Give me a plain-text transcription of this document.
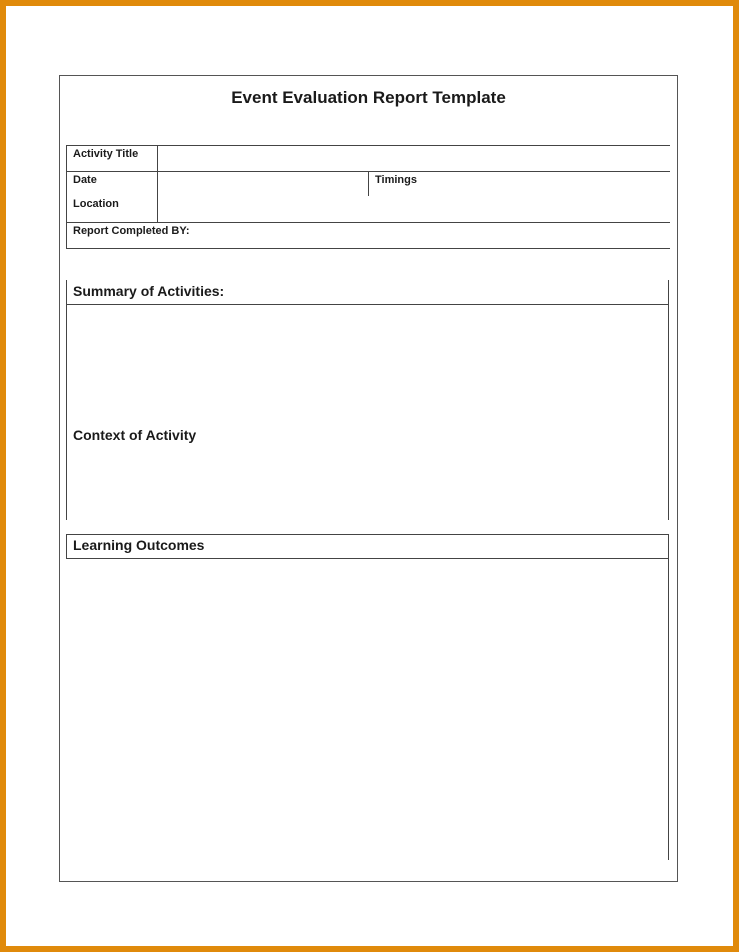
Event Evaluation Report Template
Activity Title
Date	Timings
Location
Report Completed BY:
Summary of Activities:
Context of Activity
Learning Outcomes
